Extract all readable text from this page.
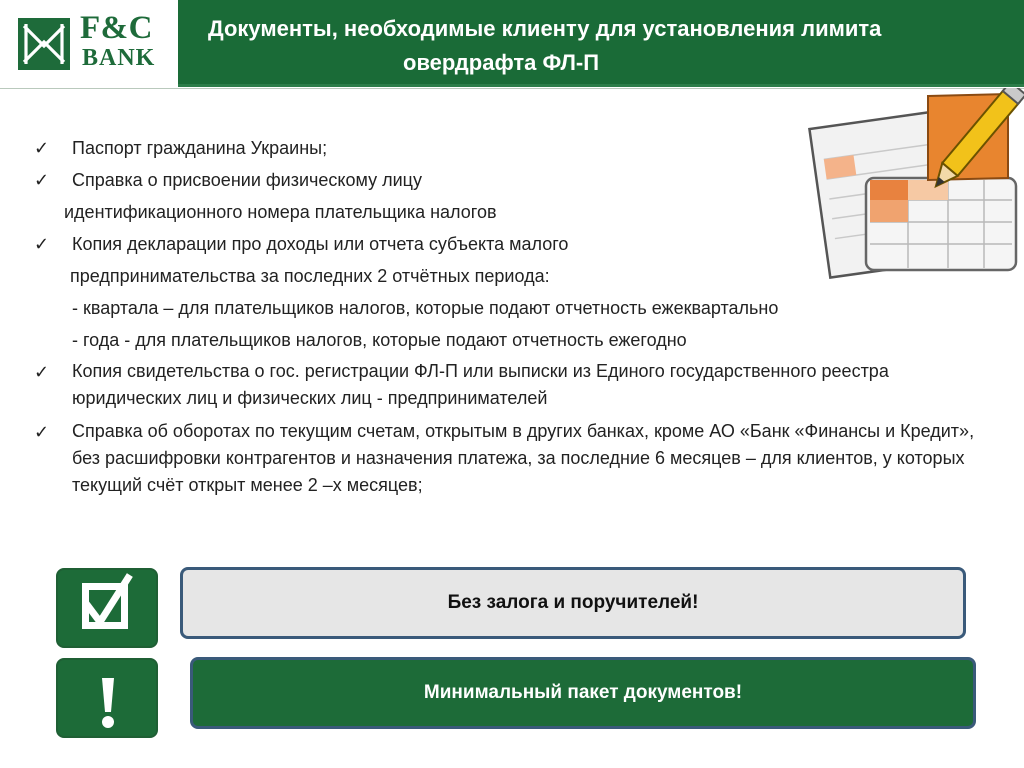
F&C
BANK
Документы, необходимые клиенту для установления лимита
овердрафта ФЛ-П
✓ Паспорт гражданина Украины;
✓ Справка о присвоении физическому лицу
идентификационного номера плательщика налогов
✓ Копия декларации про доходы или отчета субъекта малого
предпринимательства за последних 2 отчётных периода:
- квартала – для плательщиков налогов, которые подают отчетность ежеквартально
- года - для плательщиков налогов, которые подают отчетность ежегодно
✓	Копия свидетельства о гос. регистрации ФЛ-П или выписки из Единого государственного реестра юридических лиц и физических лиц - предпринимателей
✓	Справка об оборотах по текущим счетам, открытым в других банках, кроме АО «Банк «Финансы и Кредит», без расшифровки контрагентов и назначения платежа, за последние 6 месяцев – для клиентов, у которых текущий счёт открыт менее 2 –х месяцев;
Без залога и поручителей!
Минимальный пакет документов!
